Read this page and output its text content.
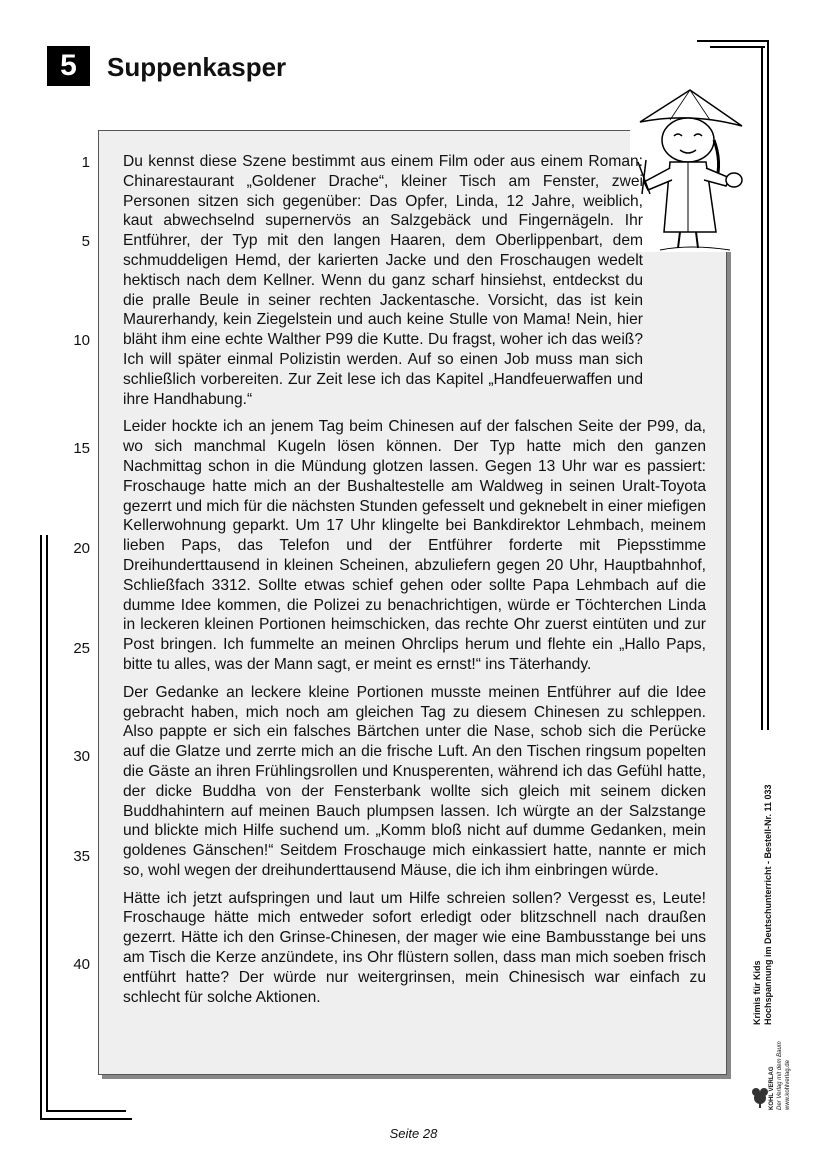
5	Suppenkasper
1
5
10
15
20
25
30
35
40

Du kennst diese Szene bestimmt aus einem Film oder aus einem Roman: Chinarestaurant „Goldener Drache“, kleiner Tisch am Fenster, zwei Personen sitzen sich gegenüber: Das Opfer, Linda, 12 Jahre, weiblich, kaut abwechselnd supernervös an Salzgebäck und Fingernägeln. Ihr Entführer, der Typ mit den langen Haaren, dem Oberlippenbart, dem schmuddeligen Hemd, der karierten Jacke und den Froschaugen wedelt hektisch nach dem Kellner. Wenn du ganz scharf hinsiehst, entdeckst du die pralle Beule in seiner rechten Jackentasche. Vorsicht, das ist kein Maurerhandy, kein Ziegelstein und auch keine Stulle von Mama! Nein, hier bläht ihm eine echte Walther P99 die Kutte. Du fragst, woher ich das weiß? Ich will später einmal Polizistin werden. Auf so einen Job muss man sich schließlich vorbereiten. Zur Zeit lese ich das Kapitel „Handfeuerwaffen und ihre Handhabung.“

Leider hockte ich an jenem Tag beim Chinesen auf der falschen Seite der P99, da, wo sich manchmal Kugeln lösen können. Der Typ hatte mich den ganzen Nachmittag schon in die Mündung glotzen lassen. Gegen 13 Uhr war es passiert: Froschauge hatte mich an der Bushaltestelle am Waldweg in seinen Uralt-Toyota gezerrt und mich für die nächsten Stunden gefesselt und geknebelt in einer miefigen Kellerwohnung geparkt. Um 17 Uhr klingelte bei Bankdirektor Lehmbach, meinem lieben Paps, das Telefon und der Entführer forderte mit Piepsstimme Dreihunderttausend in kleinen Scheinen, abzuliefern gegen 20 Uhr, Hauptbahnhof, Schließfach 3312. Sollte etwas schief gehen oder sollte Papa Lehmbach auf die dumme Idee kommen, die Polizei zu benachrichtigen, würde er Töchterchen Linda in leckeren kleinen Portionen heimschicken, das rechte Ohr zuerst eintüten und zur Post bringen. Ich fummelte an meinen Ohrclips herum und flehte ein „Hallo Paps, bitte tu alles, was der Mann sagt, er meint es ernst!“ ins Täterhandy.

Der Gedanke an leckere kleine Portionen musste meinen Entführer auf die Idee gebracht haben, mich noch am gleichen Tag zu diesem Chinesen zu schleppen. Also pappte er sich ein falsches Bärtchen unter die Nase, schob sich die Perücke auf die Glatze und zerrte mich an die frische Luft. An den Tischen ringsum popelten die Gäste an ihren Frühlingsrollen und Knusperenten, während ich das Gefühl hatte, der dicke Buddha von der Fensterbank wollte sich gleich mit seinem dicken Buddhahintern auf meinen Bauch plumpsen lassen. Ich würgte an der Salzstange und blickte mich Hilfe suchend um. „Komm bloß nicht auf dumme Gedanken, mein goldenes Gänschen!“ Seitdem Froschauge mich einkassiert hatte, nannte er mich so, wohl wegen der dreihunderttausend Mäuse, die ich ihm einbringen würde.

Hätte ich jetzt aufspringen und laut um Hilfe schreien sollen? Vergesst es, Leute! Froschauge hätte mich entweder sofort erledigt oder blitzschnell nach draußen gezerrt. Hätte ich den Grinse-Chinesen, der mager wie eine Bambusstange bei uns am Tisch die Kerze anzündete, ins Ohr flüstern sollen, dass man mich soeben frisch entführt hatte? Der würde nur weitergrinsen, mein Chinesisch war einfach zu schlecht für solche Aktionen.	Krimis für Kids Hochspannung im Deutschunterricht - Bestell-Nr. 11 033
KOHL VERLAG Der Verlag mit dem Baum www.kohlverlag.de
Seite 28
